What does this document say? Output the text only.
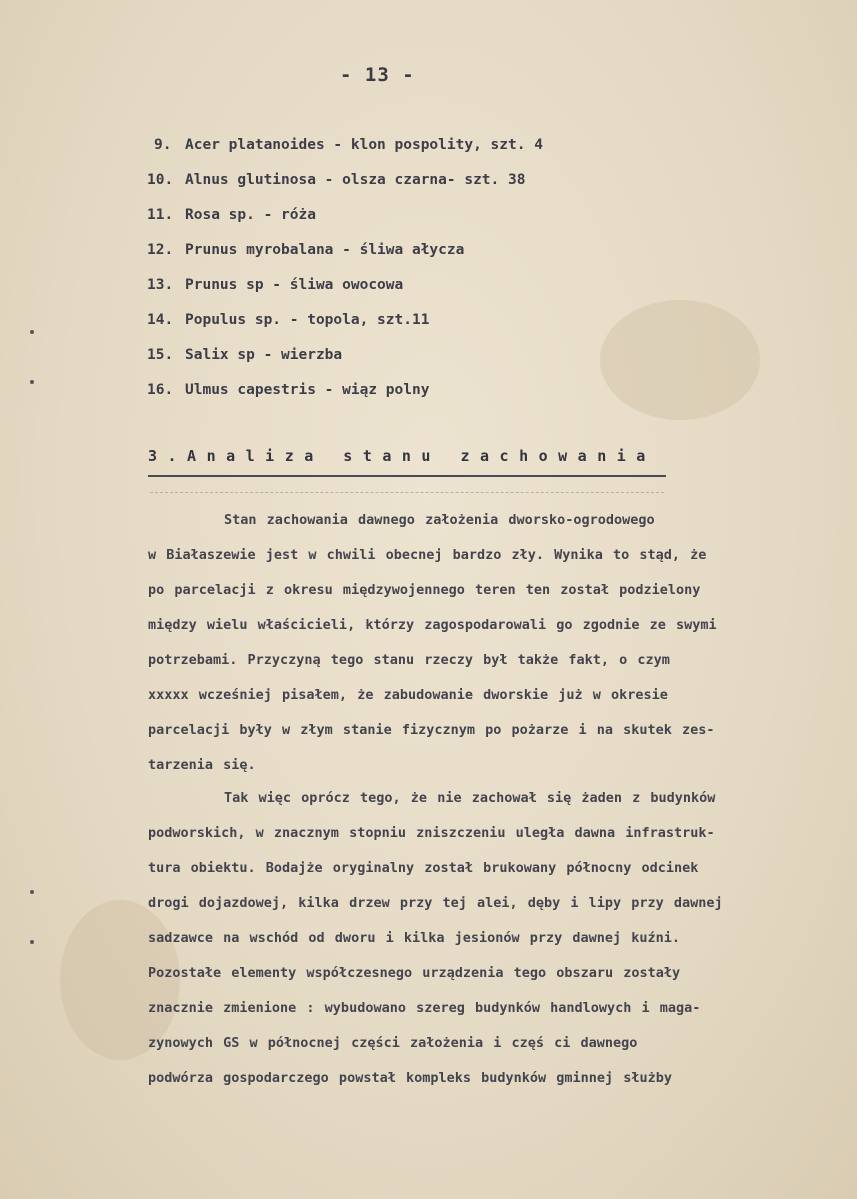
- 13 -
9. Acer platanoides - klon pospolity, szt. 4
10. Alnus glutinosa - olsza czarna- szt. 38
11. Rosa sp. - róża
12. Prunus myrobalana - śliwa ałycza
13. Prunus sp - śliwa owocowa
14. Populus sp. - topola, szt.11
15. Salix sp - wierzba
16. Ulmus capestris - wiąz polny
3.Analiza stanu zachowania

Stan zachowania dawnego założenia dworsko-ogrodowego
w Białaszewie jest w chwili obecnej bardzo zły. Wynika to stąd, że
po parcelacji z okresu międzywojennego teren ten został podzielony
między wielu właścicieli, którzy zagospodarowali go zgodnie ze swymi
potrzebami. Przyczyną tego stanu rzeczy był także fakt, o czym
xxxxx wcześniej pisałem, że zabudowanie dworskie już w okresie
parcelacji były w złym stanie fizycznym po pożarze i na skutek zes-
tarzenia się.

Tak więc oprócz tego, że nie zachował się żaden z budynków
podworskich, w znacznym stopniu zniszczeniu uległa dawna infrastruk-
tura obiektu. Bodajże oryginalny został brukowany północny odcinek
drogi dojazdowej, kilka drzew przy tej alei, dęby i lipy przy dawnej
sadzawce na wschód od dworu i kilka jesionów przy dawnej kuźni.
Pozostałe elementy współczesnego urządzenia tego obszaru zostały
znacznie zmienione : wybudowano szereg budynków handlowych i maga-
zynowych GS w północnej części założenia i częś ci dawnego
podwórza gospodarczego powstał kompleks budynków gminnej służby
